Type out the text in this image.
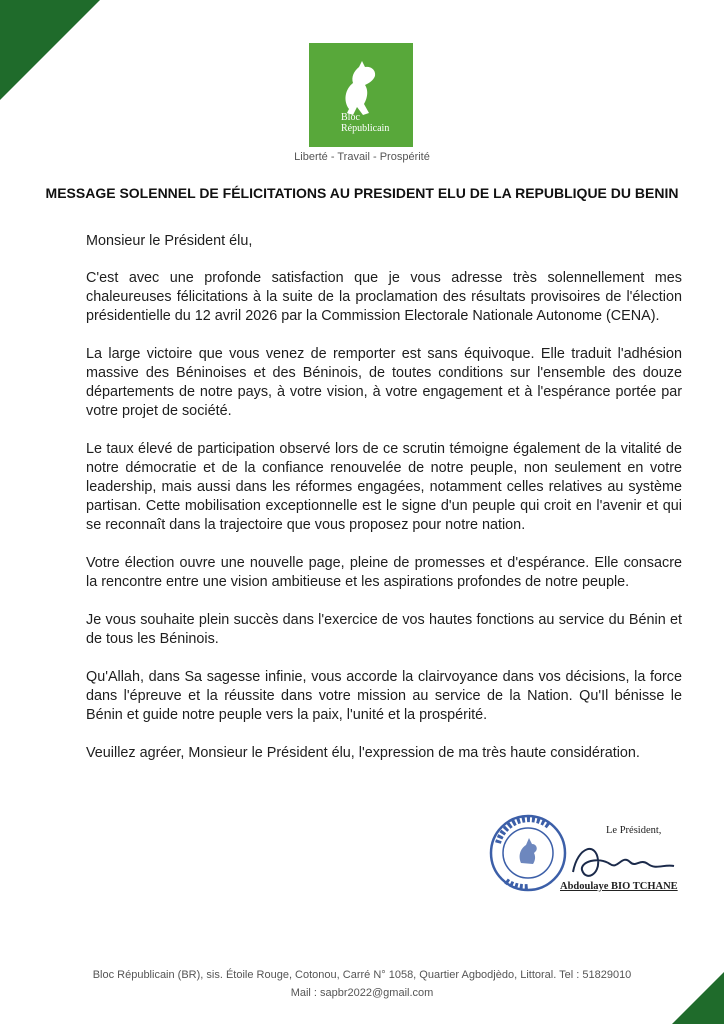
Bloc
Républicain
Liberté - Travail - Prospérité
MESSAGE SOLENNEL DE FÉLICITATIONS AU PRESIDENT ELU DE LA REPUBLIQUE DU BENIN

Monsieur le Président élu,

C'est avec une profonde satisfaction que je vous adresse très solennellement mes chaleureuses félicitations à la suite de la proclamation des résultats provisoires de l'élection présidentielle du 12 avril 2026 par la Commission Electorale Nationale Autonome (CENA).

La large victoire que vous venez de remporter est sans équivoque. Elle traduit l'adhésion massive des Béninoises et des Béninois, de toutes conditions sur l'ensemble des douze départements de notre pays, à votre vision, à votre engagement et à l'espérance portée par votre projet de société.

Le taux élevé de participation observé lors de ce scrutin témoigne également de la vitalité de notre démocratie et de la confiance renouvelée de notre peuple, non seulement en votre leadership, mais aussi dans les réformes engagées, notamment celles relatives au système partisan. Cette mobilisation exceptionnelle est le signe d'un peuple qui croit en l'avenir et qui se reconnaît dans la trajectoire que vous proposez pour notre nation.

Votre élection ouvre une nouvelle page, pleine de promesses et d'espérance. Elle consacre la rencontre entre une vision ambitieuse et les aspirations profondes de notre peuple.

Je vous souhaite plein succès dans l'exercice de vos hautes fonctions au service du Bénin et de tous les Béninois.

Qu'Allah, dans Sa sagesse infinie, vous accorde la clairvoyance dans vos décisions, la force dans l'épreuve et la réussite dans votre mission au service de la Nation. Qu'Il bénisse le Bénin et guide notre peuple vers la paix, l'unité et la prospérité.

Veuillez agréer, Monsieur le Président élu, l'expression de ma très haute considération.

Le Président,
Abdoulaye BIO TCHANE
Bloc Républicain (BR), sis. Étoile Rouge, Cotonou, Carré N° 1058, Quartier Agbodjèdo, Littoral. Tel : 51829010
Mail : sapbr2022@gmail.com
